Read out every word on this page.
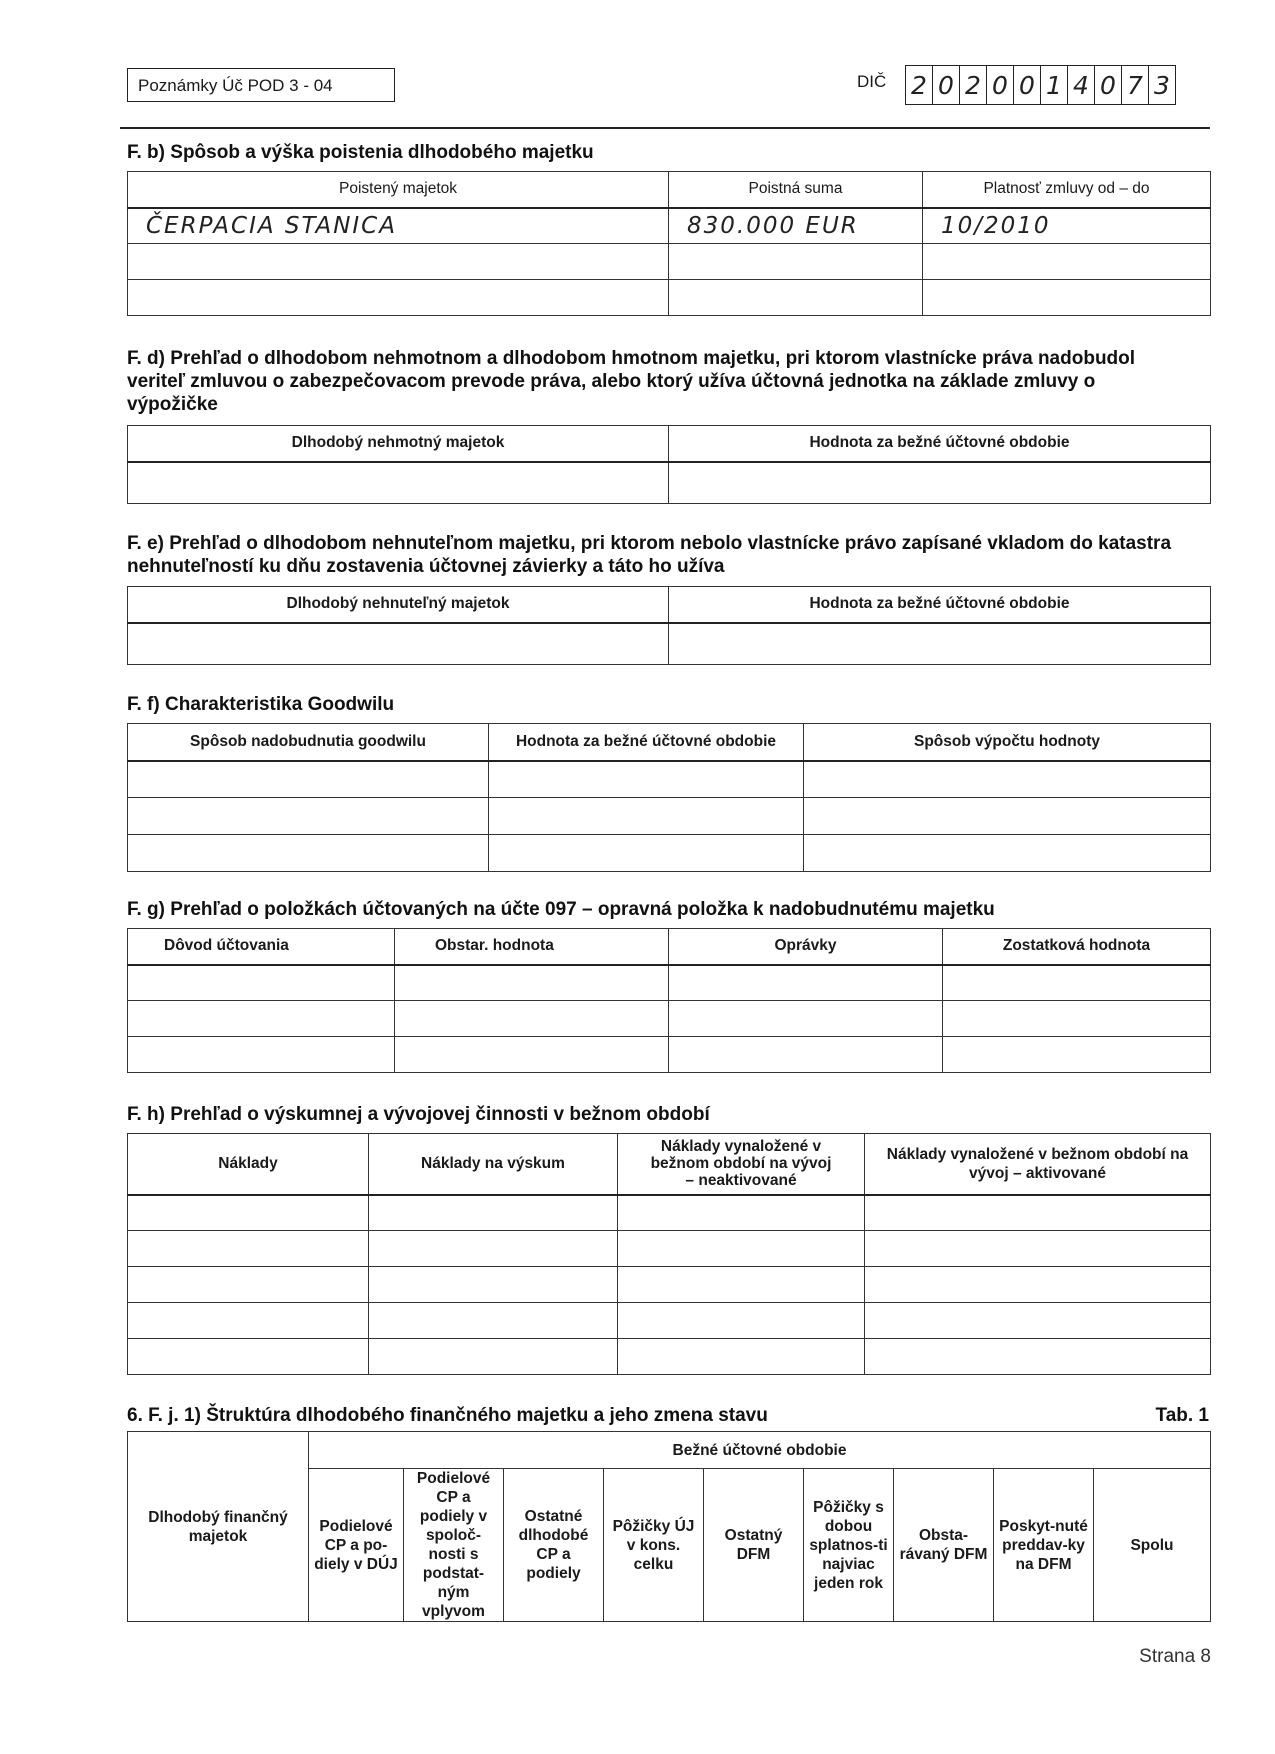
Poznámky Úč POD 3 - 04	DIČ 2 0 2 0 0 1 4 0 7 3
F. b) Spôsob a výška poistenia dlhodobého majetku
Poistený majetok	Poistná suma	Platnosť zmluvy od – do
ČERPACIA STANICA	830.000 EUR	10/2010

F. d) Prehľad o dlhodobom nehmotnom a dlhodobom hmotnom majetku, pri ktorom vlastnícke práva nadobudol veriteľ zmluvou o zabezpečovacom prevode práva, alebo ktorý užíva účtovná jednotka na základe zmluvy o výpožičke
Dlhodobý nehmotný majetok	Hodnota za bežné účtovné obdobie

F. e) Prehľad o dlhodobom nehnuteľnom majetku, pri ktorom nebolo vlastnícke právo zapísané vkladom do katastra nehnuteľností ku dňu zostavenia účtovnej závierky a táto ho užíva
Dlhodobý nehnuteľný majetok	Hodnota za bežné účtovné obdobie

F. f) Charakteristika Goodwilu
Spôsob nadobudnutia goodwilu	Hodnota za bežné účtovné obdobie	Spôsob výpočtu hodnoty

F. g) Prehľad o položkách účtovaných na účte 097 – opravná položka k nadobudnutému majetku
Dôvod účtovania	Obstar. hodnota	Oprávky	Zostatková hodnota

F. h) Prehľad o výskumnej a vývojovej činnosti v bežnom období
Náklady	Náklady na výskum	Náklady vynaložené v bežnom období na vývoj – neaktivované	Náklady vynaložené v bežnom období na vývoj – aktivované

6. F. j. 1) Štruktúra dlhodobého finančného majetku a jeho zmena stavu	Tab. 1
Dlhodobý finančný majetok	Bežné účtovné obdobie								
	Podielové CP a po-diely v DÚJ	Podielové CP a podiely v spoloč-nosti s podstat-ným vplyvom	Ostatné dlhodobé CP a podiely	Pôžičky ÚJ v kons. celku	Ostatný DFM	Pôžičky s dobou splatnos-ti najviac jeden rok	Obsta-rávaný DFM	Poskyt-nuté preddav-ky na DFM	Spolu
Strana 8
